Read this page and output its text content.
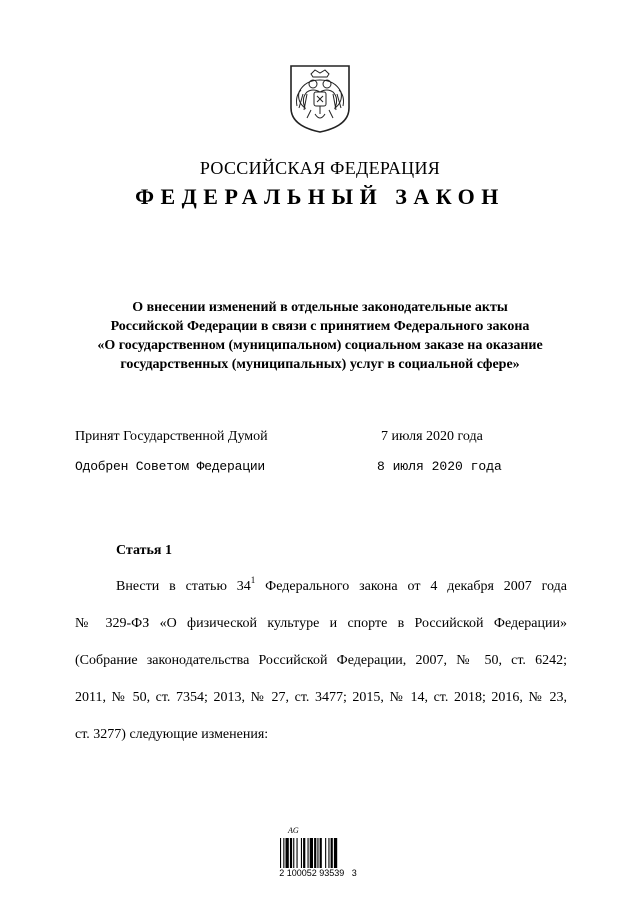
РОССИЙСКАЯ ФЕДЕРАЦИЯ
ФЕДЕРАЛЬНЫЙ ЗАКОН
О внесении изменений в отдельные законодательные акты
Российской Федерации в связи с принятием Федерального закона
«О государственном (муниципальном) социальном заказе на оказание
государственных (муниципальных) услуг в социальной сфере»
Принят Государственной Думой	7 июля 2020 года
Одобрен Советом Федерации	8 июля 2020 года
Статья 1
Внести в статью $34^1$ Федерального закона от 4 декабря 2007 года
№ 329-ФЗ «О физической культуре и спорте в Российской Федерации»
(Собрание законодательства Российской Федерации, 2007, № 50, ст. 6242;
2011, № 50, ст. 7354; 2013, № 27, ст. 3477; 2015, № 14, ст. 2018; 2016, № 23,
ст. 3277) следующие изменения:
AG
2 100052 93539   3
